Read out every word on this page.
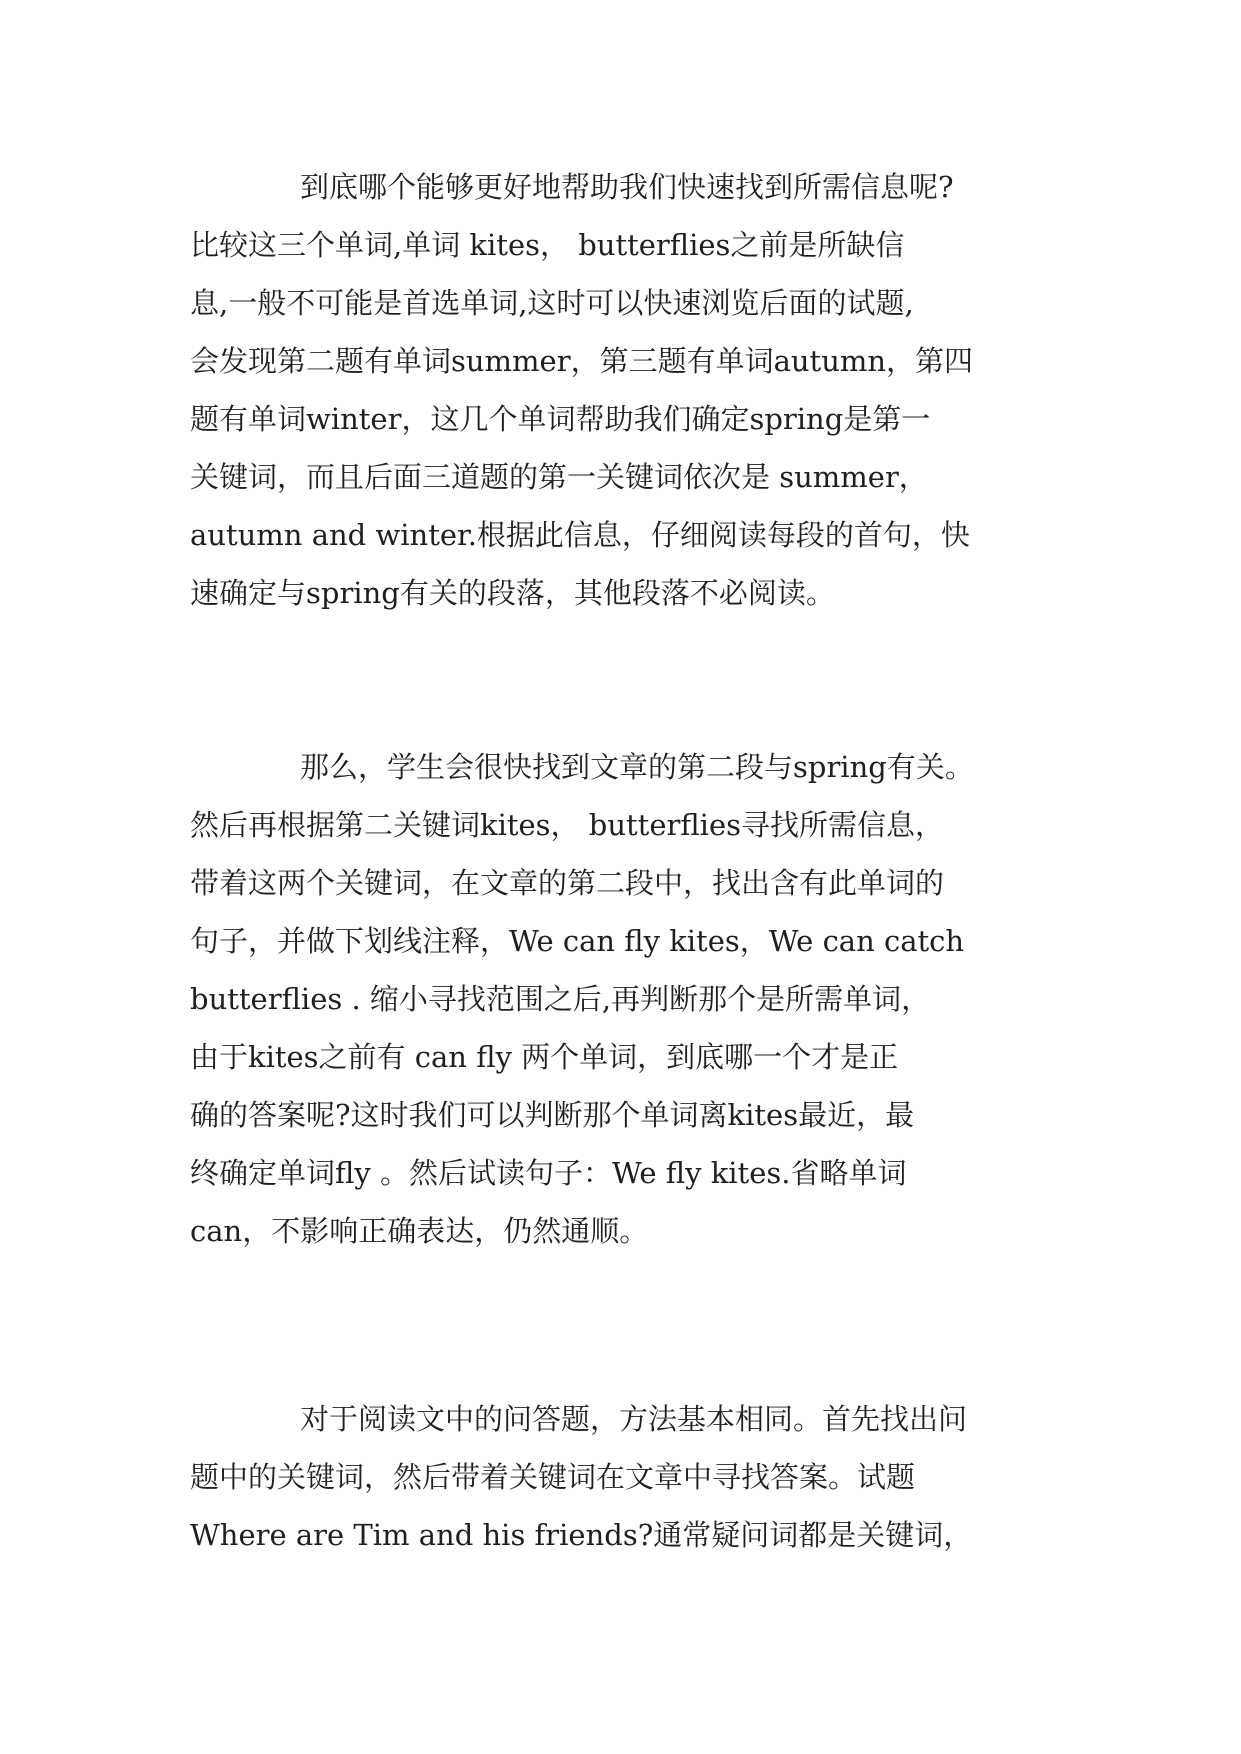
到底哪个能够更好地帮助我们快速找到所需信息呢?
比较这三个单词,单词 kites， butterflies之前是所缺信
息,一般不可能是首选单词,这时可以快速浏览后面的试题,
会发现第二题有单词summer，第三题有单词autumn，第四
题有单词winter，这几个单词帮助我们确定spring是第一
关键词，而且后面三道题的第一关键词依次是 summer，
autumn and winter.根据此信息，仔细阅读每段的首句，快
速确定与spring有关的段落，其他段落不必阅读。
那么，学生会很快找到文章的第二段与spring有关。
然后再根据第二关键词kites， butterflies寻找所需信息，
带着这两个关键词，在文章的第二段中，找出含有此单词的
句子，并做下划线注释，We can fly kites，We can catch
butterflies . 缩小寻找范围之后,再判断那个是所需单词，
由于kites之前有 can fly 两个单词，到底哪一个才是正
确的答案呢?这时我们可以判断那个单词离kites最近，最
终确定单词fly 。然后试读句子：We fly kites.省略单词
can，不影响正确表达，仍然通顺。
对于阅读文中的问答题，方法基本相同。首先找出问
题中的关键词，然后带着关键词在文章中寻找答案。试题
Where are Tim and his friends?通常疑问词都是关键词，
